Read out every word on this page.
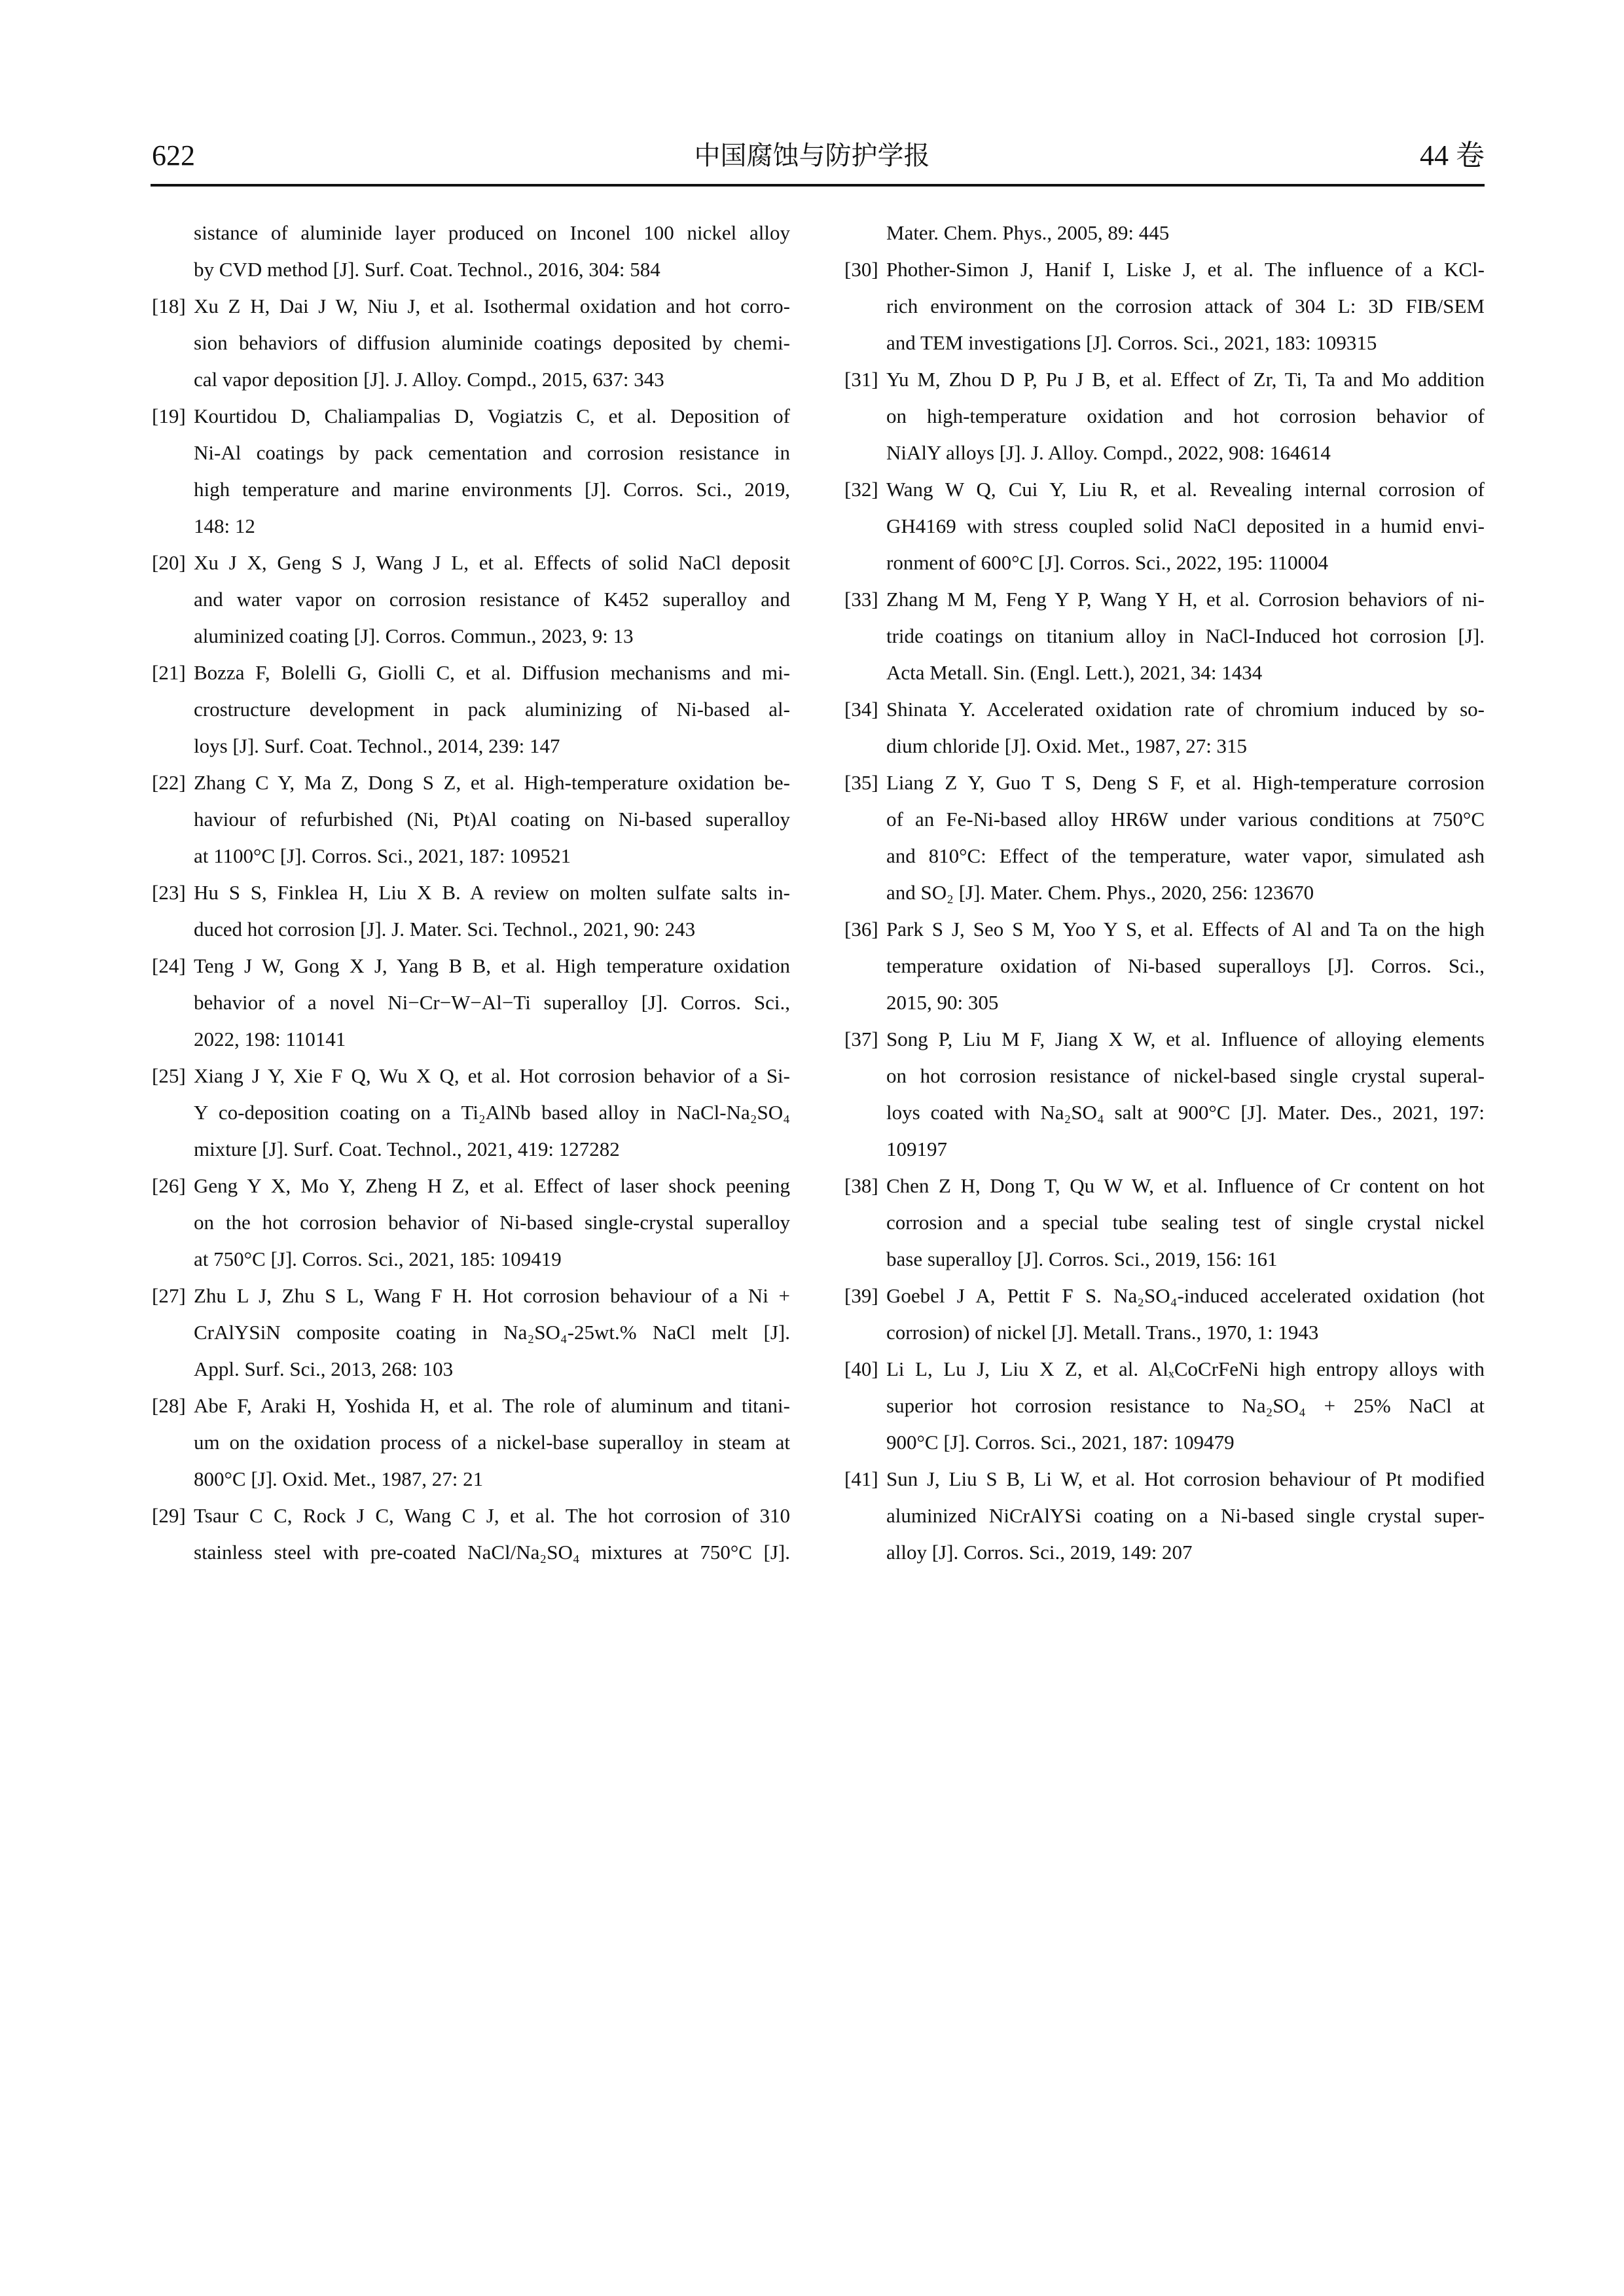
622	中国腐蚀与防护学报	44 卷
sistance of aluminide layer produced on Inconel 100 nickel alloy
by CVD method [J]. Surf. Coat. Technol., 2016, 304: 584
[18] Xu Z H, Dai J W, Niu J, et al. Isothermal oxidation and hot corro-
sion behaviors of diffusion aluminide coatings deposited by chemi-
cal vapor deposition [J]. J. Alloy. Compd., 2015, 637: 343
[19] Kourtidou D, Chaliampalias D, Vogiatzis C, et al. Deposition of
Ni-Al coatings by pack cementation and corrosion resistance in
high temperature and marine environments [J]. Corros. Sci., 2019,
148: 12
[20] Xu J X, Geng S J, Wang J L, et al. Effects of solid NaCl deposit
and water vapor on corrosion resistance of K452 superalloy and
aluminized coating [J]. Corros. Commun., 2023, 9: 13
[21] Bozza F, Bolelli G, Giolli C, et al. Diffusion mechanisms and mi-
crostructure development in pack aluminizing of Ni-based al-
loys [J]. Surf. Coat. Technol., 2014, 239: 147
[22] Zhang C Y, Ma Z, Dong S Z, et al. High-temperature oxidation be-
haviour of refurbished (Ni, Pt)Al coating on Ni-based superalloy
at 1100°C [J]. Corros. Sci., 2021, 187: 109521
[23] Hu S S, Finklea H, Liu X B. A review on molten sulfate salts in-
duced hot corrosion [J]. J. Mater. Sci. Technol., 2021, 90: 243
[24] Teng J W, Gong X J, Yang B B, et al. High temperature oxidation
behavior of a novel Ni−Cr−W−Al−Ti superalloy [J]. Corros. Sci.,
2022, 198: 110141
[25] Xiang J Y, Xie F Q, Wu X Q, et al. Hot corrosion behavior of a Si-
Y co-deposition coating on a Ti₂AlNb based alloy in NaCl-Na₂SO₄
mixture [J]. Surf. Coat. Technol., 2021, 419: 127282
[26] Geng Y X, Mo Y, Zheng H Z, et al. Effect of laser shock peening
on the hot corrosion behavior of Ni-based single-crystal superalloy
at 750°C [J]. Corros. Sci., 2021, 185: 109419
[27] Zhu L J, Zhu S L, Wang F H. Hot corrosion behaviour of a Ni +
CrAlYSiN composite coating in Na₂SO₄-25wt.% NaCl melt [J].
Appl. Surf. Sci., 2013, 268: 103
[28] Abe F, Araki H, Yoshida H, et al. The role of aluminum and titani-
um on the oxidation process of a nickel-base superalloy in steam at
800°C [J]. Oxid. Met., 1987, 27: 21
[29] Tsaur C C, Rock J C, Wang C J, et al. The hot corrosion of 310
stainless steel with pre-coated NaCl/Na₂SO₄ mixtures at 750°C [J].
Mater. Chem. Phys., 2005, 89: 445
[30] Phother-Simon J, Hanif I, Liske J, et al. The influence of a KCl-
rich environment on the corrosion attack of 304 L: 3D FIB/SEM
and TEM investigations [J]. Corros. Sci., 2021, 183: 109315
[31] Yu M, Zhou D P, Pu J B, et al. Effect of Zr, Ti, Ta and Mo addition
on high-temperature oxidation and hot corrosion behavior of
NiAlY alloys [J]. J. Alloy. Compd., 2022, 908: 164614
[32] Wang W Q, Cui Y, Liu R, et al. Revealing internal corrosion of
GH4169 with stress coupled solid NaCl deposited in a humid envi-
ronment of 600°C [J]. Corros. Sci., 2022, 195: 110004
[33] Zhang M M, Feng Y P, Wang Y H, et al. Corrosion behaviors of ni-
tride coatings on titanium alloy in NaCl-Induced hot corrosion [J].
Acta Metall. Sin. (Engl. Lett.), 2021, 34: 1434
[34] Shinata Y. Accelerated oxidation rate of chromium induced by so-
dium chloride [J]. Oxid. Met., 1987, 27: 315
[35] Liang Z Y, Guo T S, Deng S F, et al. High-temperature corrosion
of an Fe-Ni-based alloy HR6W under various conditions at 750°C
and 810°C: Effect of the temperature, water vapor, simulated ash
and SO₂ [J]. Mater. Chem. Phys., 2020, 256: 123670
[36] Park S J, Seo S M, Yoo Y S, et al. Effects of Al and Ta on the high
temperature oxidation of Ni-based superalloys [J]. Corros. Sci.,
2015, 90: 305
[37] Song P, Liu M F, Jiang X W, et al. Influence of alloying elements
on hot corrosion resistance of nickel-based single crystal superal-
loys coated with Na₂SO₄ salt at 900°C [J]. Mater. Des., 2021, 197:
109197
[38] Chen Z H, Dong T, Qu W W, et al. Influence of Cr content on hot
corrosion and a special tube sealing test of single crystal nickel
base superalloy [J]. Corros. Sci., 2019, 156: 161
[39] Goebel J A, Pettit F S. Na₂SO₄-induced accelerated oxidation (hot
corrosion) of nickel [J]. Metall. Trans., 1970, 1: 1943
[40] Li L, Lu J, Liu X Z, et al. AlₓCoCrFeNi high entropy alloys with
superior hot corrosion resistance to Na₂SO₄ + 25% NaCl at
900°C [J]. Corros. Sci., 2021, 187: 109479
[41] Sun J, Liu S B, Li W, et al. Hot corrosion behaviour of Pt modified
aluminized NiCrAlYSi coating on a Ni-based single crystal super-
alloy [J]. Corros. Sci., 2019, 149: 207
